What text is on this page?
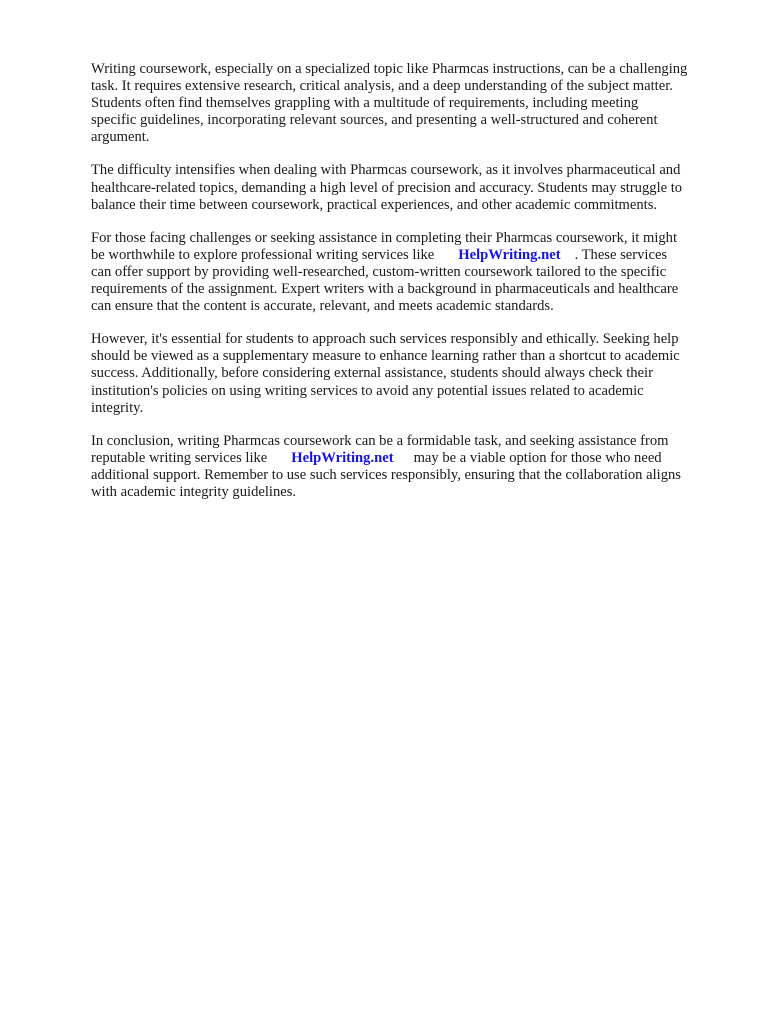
Writing coursework, especially on a specialized topic like Pharmcas instructions, can be a challenging
task. It requires extensive research, critical analysis, and a deep understanding of the subject matter.
Students often find themselves grappling with a multitude of requirements, including meeting
specific guidelines, incorporating relevant sources, and presenting a well-structured and coherent
argument.

The difficulty intensifies when dealing with Pharmcas coursework, as it involves pharmaceutical and
healthcare-related topics, demanding a high level of precision and accuracy. Students may struggle to
balance their time between coursework, practical experiences, and other academic commitments.

For those facing challenges or seeking assistance in completing their Pharmcas coursework, it might
be worthwhile to explore professional writing services like HelpWriting.net . These services
can offer support by providing well-researched, custom-written coursework tailored to the specific
requirements of the assignment. Expert writers with a background in pharmaceuticals and healthcare
can ensure that the content is accurate, relevant, and meets academic standards.

However, it's essential for students to approach such services responsibly and ethically. Seeking help
should be viewed as a supplementary measure to enhance learning rather than a shortcut to academic
success. Additionally, before considering external assistance, students should always check their
institution's policies on using writing services to avoid any potential issues related to academic
integrity.

In conclusion, writing Pharmcas coursework can be a formidable task, and seeking assistance from
reputable writing services like HelpWriting.net may be a viable option for those who need
additional support. Remember to use such services responsibly, ensuring that the collaboration aligns
with academic integrity guidelines.
